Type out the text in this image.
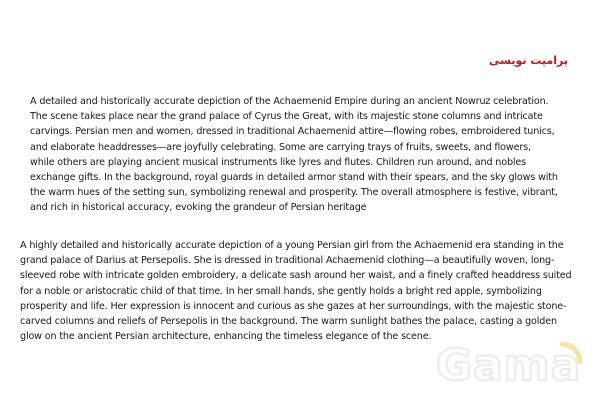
پرامپت نویسی

A detailed and historically accurate depiction of the Achaemenid Empire during an ancient Nowruz celebration. The scene takes place near the grand palace of Cyrus the Great, with its majestic stone columns and intricate carvings. Persian men and women, dressed in traditional Achaemenid attire—flowing robes, embroidered tunics, and elaborate headdresses—are joyfully celebrating. Some are carrying trays of fruits, sweets, and flowers, while others are playing ancient musical instruments like lyres and flutes. Children run around, and nobles exchange gifts. In the background, royal guards in detailed armor stand with their spears, and the sky glows with the warm hues of the setting sun, symbolizing renewal and prosperity. The overall atmosphere is festive, vibrant, and rich in historical accuracy, evoking the grandeur of Persian heritage

A highly detailed and historically accurate depiction of a young Persian girl from the Achaemenid era standing in the grand palace of Darius at Persepolis. She is dressed in traditional Achaemenid clothing—a beautifully woven, long-sleeved robe with intricate golden embroidery, a delicate sash around her waist, and a finely crafted headdress suited for a noble or aristocratic child of that time. In her small hands, she gently holds a bright red apple, symbolizing prosperity and life. Her expression is innocent and curious as she gazes at her surroundings, with the majestic stone-carved columns and reliefs of Persepolis in the background. The warm sunlight bathes the palace, casting a golden glow on the ancient Persian architecture, enhancing the timeless elegance of the scene.

Gama
